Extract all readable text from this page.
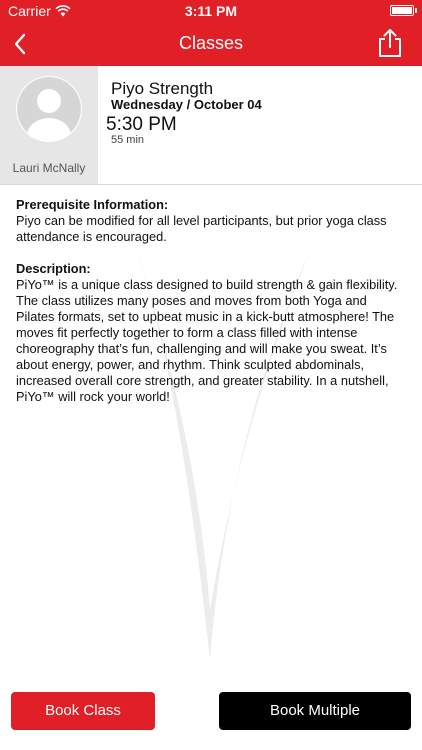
Carrier	3:11 PM
Classes
Lauri McNally
Piyo Strength
Wednesday / October 04
5:30 PM
55 min
Prerequisite Information:

Piyo can be modified for all level participants, but prior yoga class attendance is encouraged.

Description:

PiYo™ is a unique class designed to build strength & gain flexibility. The class utilizes many poses and moves from both Yoga and Pilates formats, set to upbeat music in a kick-butt atmosphere! The moves fit perfectly together to form a class filled with intense choreography that’s fun, challenging and will make you sweat. It’s about energy, power, and rhythm. Think sculpted abdominals, increased overall core strength, and greater stability. In a nutshell, PiYo™ will rock your world!

Book Class	Book Multiple
